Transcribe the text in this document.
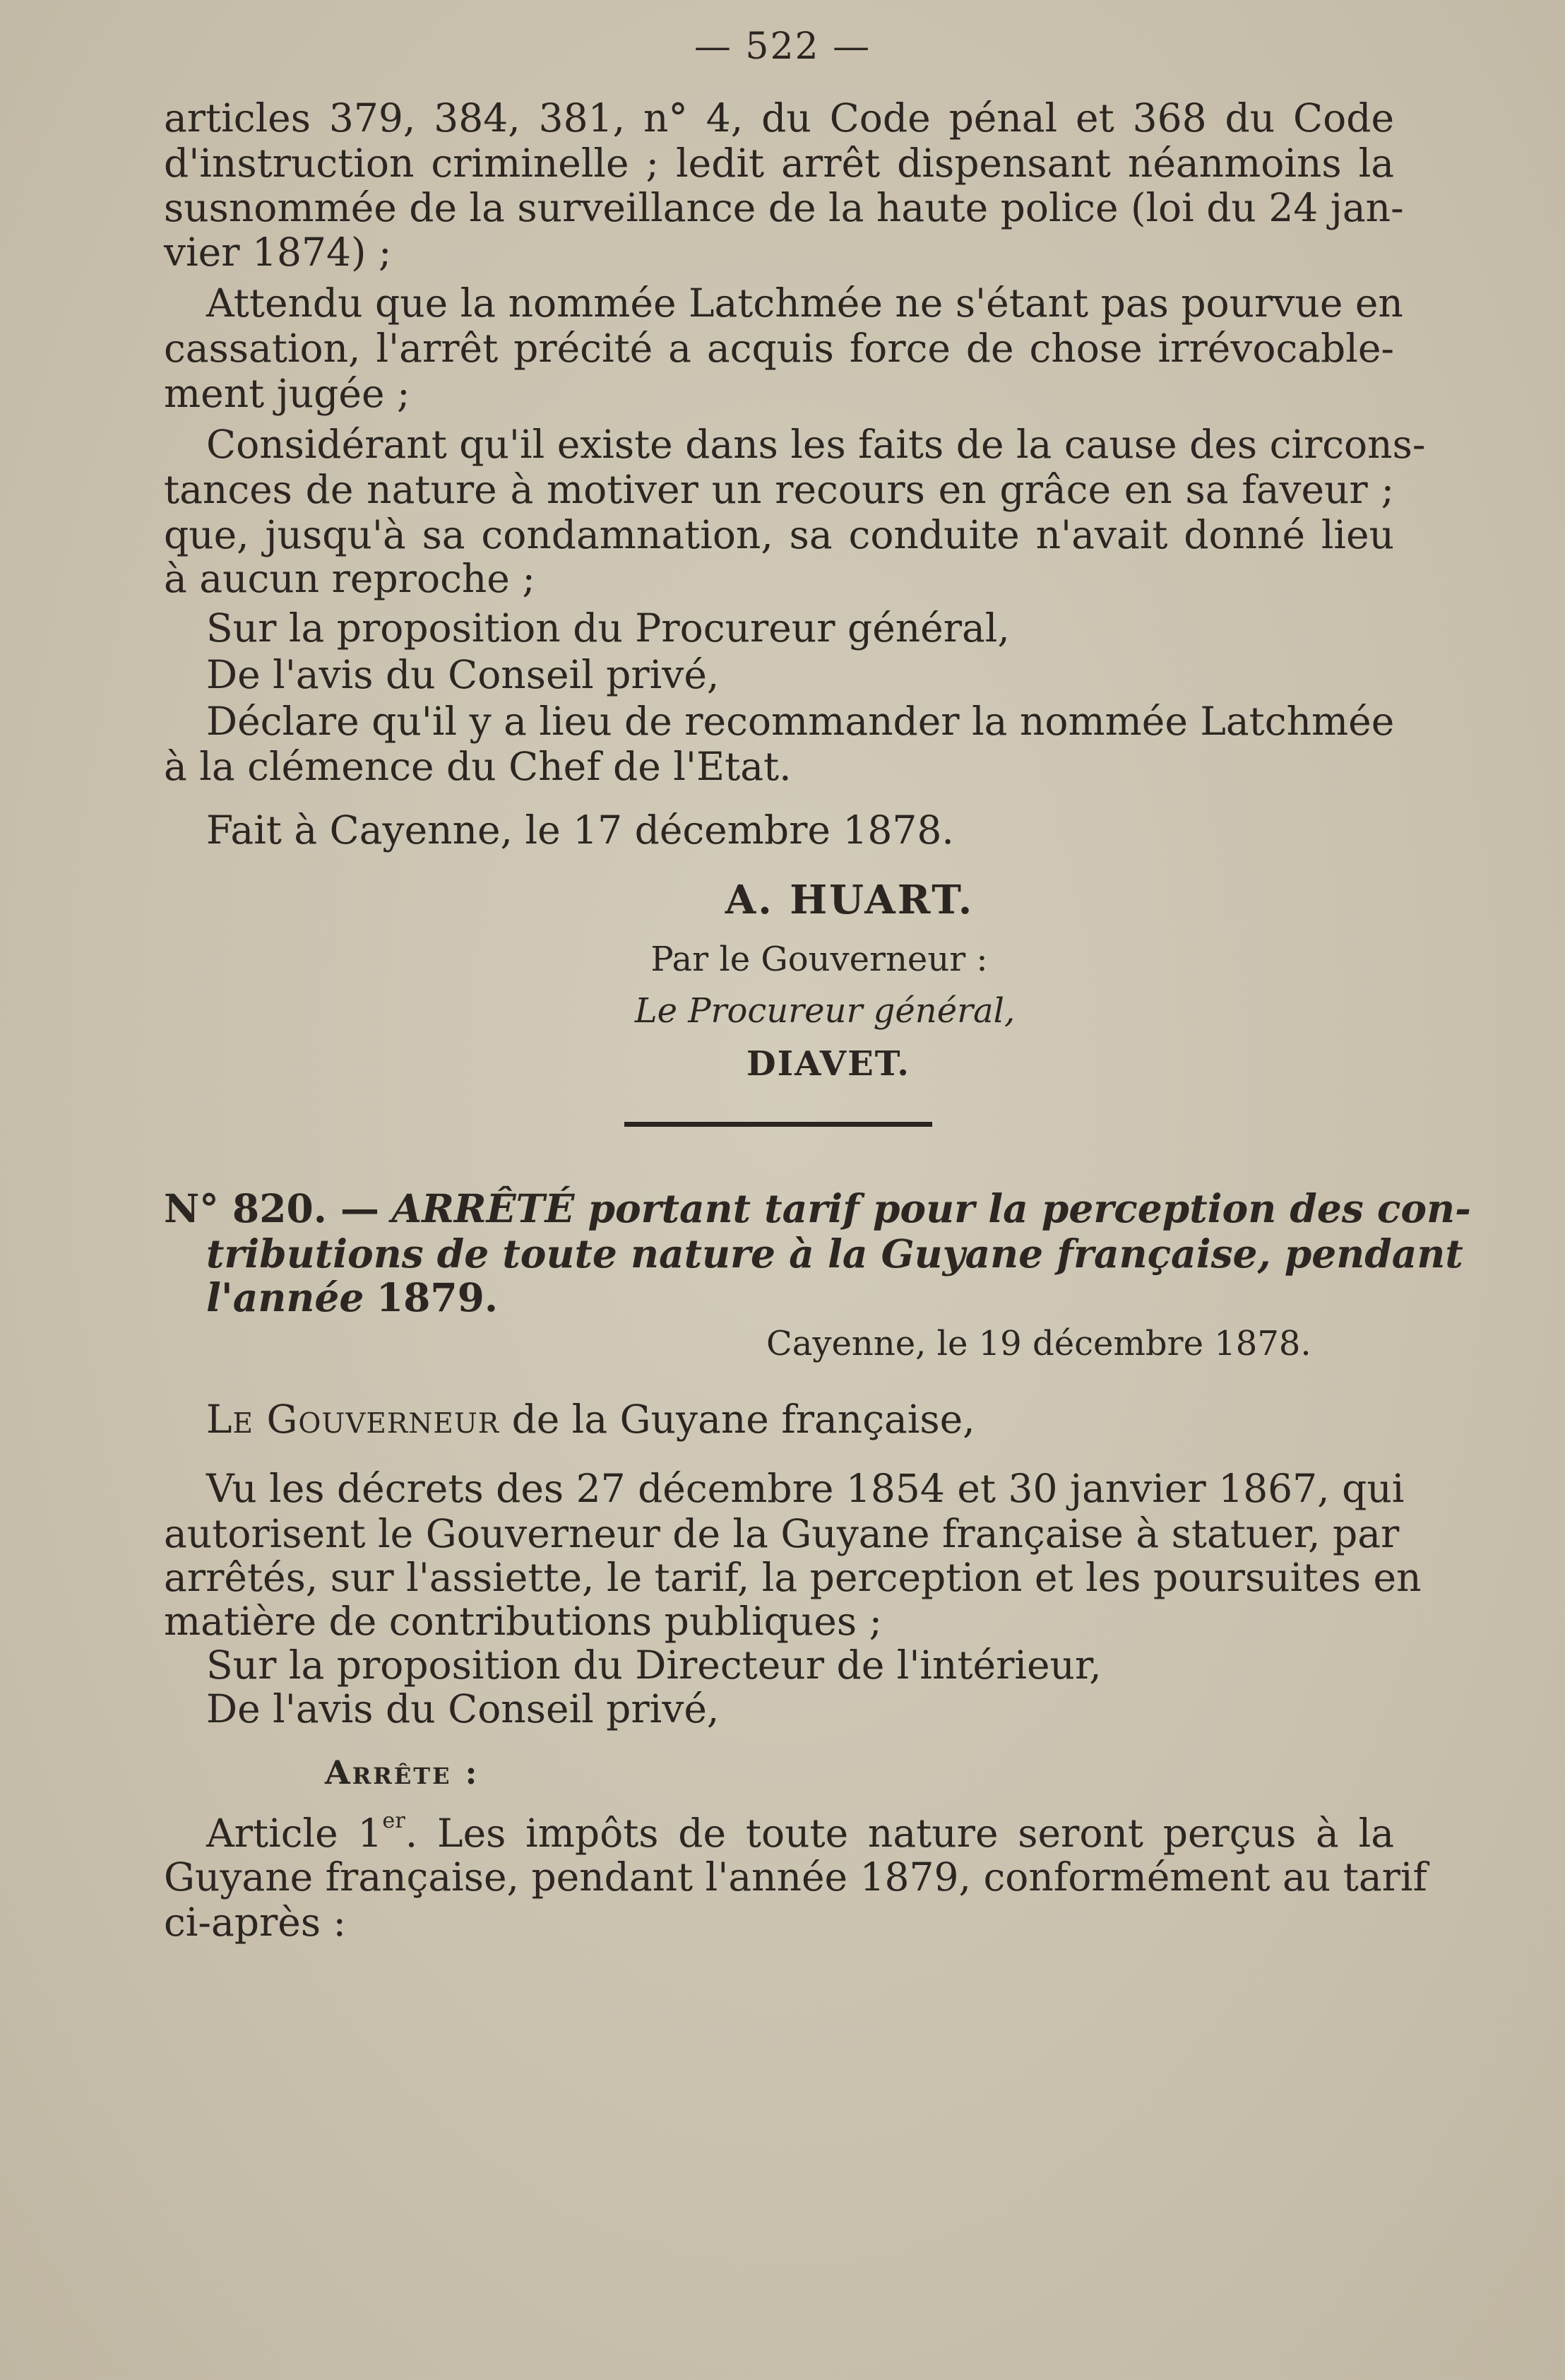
— 522 —
articles 379, 384, 381, n° 4, du Code pénal et 368 du Code
d'instruction criminelle ; ledit arrêt dispensant néanmoins la
susnommée de la surveillance de la haute police (loi du 24 jan-
vier 1874) ;
Attendu que la nommée Latchmée ne s'étant pas pourvue en
cassation, l'arrêt précité a acquis force de chose irrévocable-
ment jugée ;
Considérant qu'il existe dans les faits de la cause des circons-
tances de nature à motiver un recours en grâce en sa faveur ;
que, jusqu'à sa condamnation, sa conduite n'avait donné lieu
à aucun reproche ;
Sur la proposition du Procureur général,
De l'avis du Conseil privé,
Déclare qu'il y a lieu de recommander la nommée Latchmée
à la clémence du Chef de l'Etat.
Fait à Cayenne, le 17 décembre 1878.
A. HUART.
Par le Gouverneur :
Le Procureur général,
DIAVET.
N° 820. — ARRÊTÉ portant tarif pour la perception des con-
tributions de toute nature à la Guyane française, pendant
l'année 1879.
Cayenne, le 19 décembre 1878.
Le Gouverneur de la Guyane française,
Vu les décrets des 27 décembre 1854 et 30 janvier 1867, qui
autorisent le Gouverneur de la Guyane française à statuer, par
arrêtés, sur l'assiette, le tarif, la perception et les poursuites en
matière de contributions publiques ;
Sur la proposition du Directeur de l'intérieur,
De l'avis du Conseil privé,
Arrête :
Article 1er. Les impôts de toute nature seront perçus à la
Guyane française, pendant l'année 1879, conformément au tarif
ci-après :
